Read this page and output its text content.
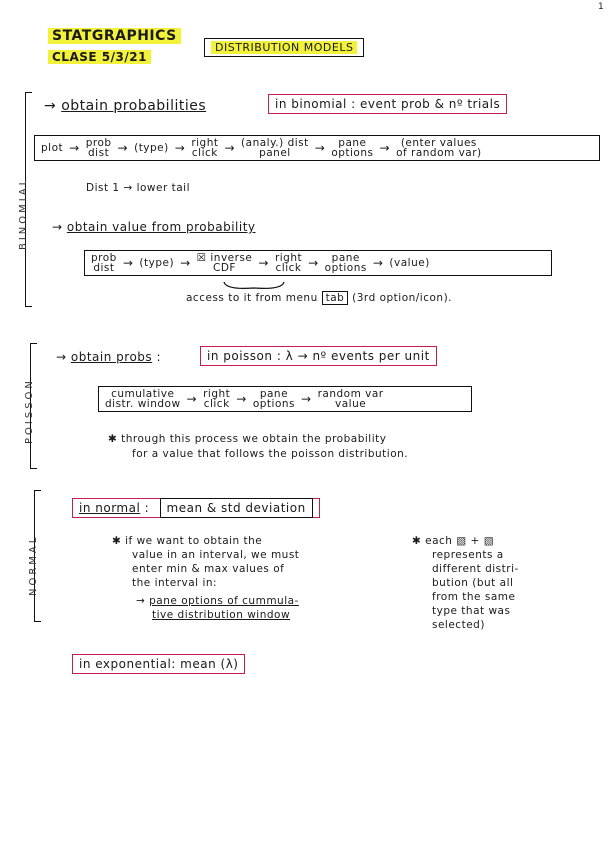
STATGRAPHICS
CLASE 5/3/21
DISTRIBUTION MODELS
1
BINOMIAL
→ obtain probabilities	in binomial : event prob & nº trials
plot → prob
dist → (type) → right
click → (analy.) dist
panel	→	pane
options →	(enter values
of random var)
Dist 1 → lower tail
→ obtain value from probability
prob
dist → (type) → ☒ inverse
CDF	→ right
click →	pane
options → (value)
access to it from menu tab (3rd option/icon).
POISSON
→ obtain probs :	in poisson : λ → nº events per unit
cumulative
distr. window → right
click →	pane
options → random var
value
✱ through this process we obtain the probability
for a value that follows the poisson distribution.
NORMAL
in normal : mean & std deviation
✱ if we want to obtain the
value in an interval, we must
enter min & max values of
the interval in:
→ pane options of cummula-
tive distribution window
✱ each ▧ + ▧
represents a
different distri-
bution (but all
from the same
type that was
selected)
in exponential: mean (λ)
